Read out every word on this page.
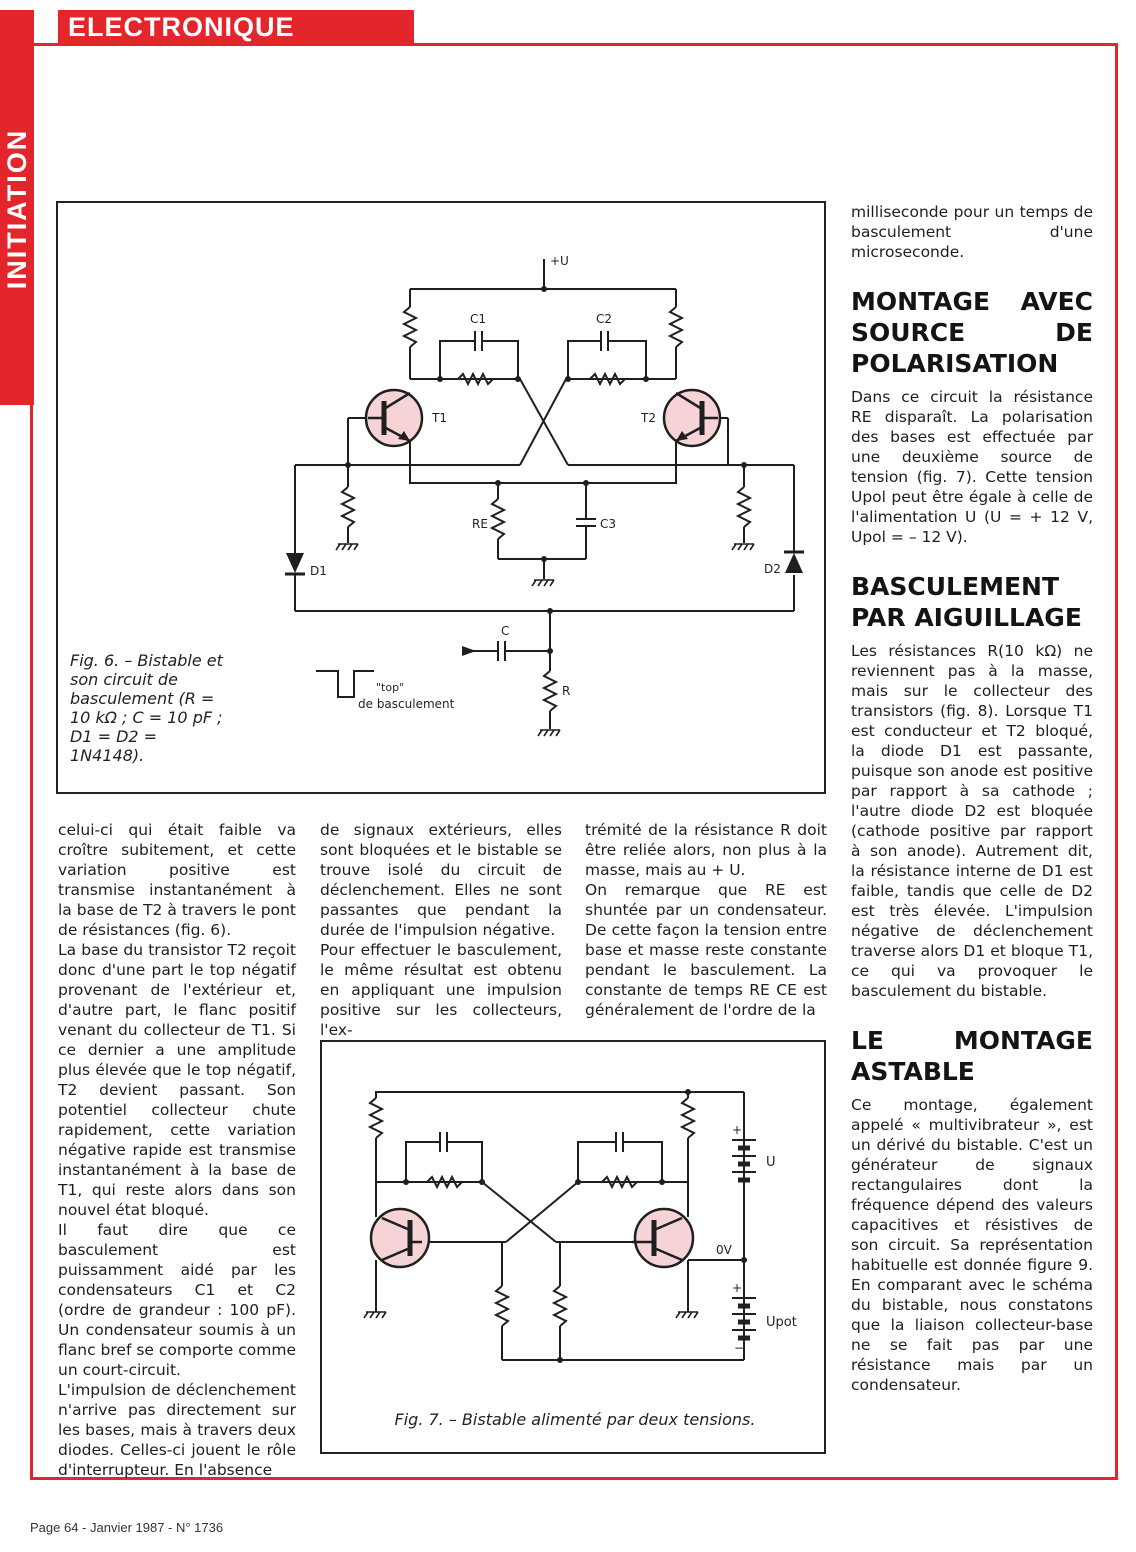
INITIATION
ELECTRONIQUE
+U
C1	C2
T1	T2
RE	C3
D1	D2
C
R
"top"
de basculement
Fig. 6. – Bistable et son circuit de basculement (R = 10 kΩ ; C = 10 pF ; D1 = D2 = 1N4148).
+
U
0V
+
Upot
−
Fig. 7. – Bistable alimenté par deux tensions.

celui-ci qui était faible va croître subitement, et cette variation positive est transmise instantanément à la base de T2 à travers le pont de résistances (fig. 6).

La base du transistor T2 reçoit donc d'une part le top négatif provenant de l'extérieur et, d'autre part, le flanc positif venant du collecteur de T1. Si ce dernier a une amplitude plus élevée que le top négatif, T2 devient passant. Son potentiel collecteur chute rapidement, cette variation négative rapide est transmise instantanément à la base de T1, qui reste alors dans son nouvel état bloqué.

Il faut dire que ce basculement est puissamment aidé par les condensateurs C1 et C2 (ordre de grandeur : 100 pF). Un condensateur soumis à un flanc bref se comporte comme un court-circuit.

L'impulsion de déclenchement n'arrive pas directement sur les bases, mais à travers deux diodes. Celles-ci jouent le rôle d'interrupteur. En l'absence

de signaux extérieurs, elles sont bloquées et le bistable se trouve isolé du circuit de déclenchement. Elles ne sont passantes que pendant la durée de l'impulsion négative.

Pour effectuer le basculement, le même résultat est obtenu en appliquant une impulsion positive sur les collecteurs, l'ex-

trémité de la résistance R doit être reliée alors, non plus à la masse, mais au + U.

On remarque que RE est shuntée par un condensateur. De cette façon la tension entre base et masse reste constante pendant le basculement. La constante de temps RE CE est généralement de l'ordre de la

milliseconde pour un temps de basculement d'une microseconde.

MONTAGE AVEC SOURCE DE POLARISATION

Dans ce circuit la résistance RE disparaît. La polarisation des bases est effectuée par une deuxième source de tension (fig. 7). Cette tension Upol peut être égale à celle de l'alimentation U (U = + 12 V, Upol = – 12 V).

BASCULEMENT PAR AIGUILLAGE

Les résistances R(10 kΩ) ne reviennent pas à la masse, mais sur le collecteur des transistors (fig. 8). Lorsque T1 est conducteur et T2 bloqué, la diode D1 est passante, puisque son anode est positive par rapport à sa cathode ; l'autre diode D2 est bloquée (cathode positive par rapport à son anode). Autrement dit, la résistance interne de D1 est faible, tandis que celle de D2 est très élevée. L'impulsion négative de déclenchement traverse alors D1 et bloque T1, ce qui va provoquer le basculement du bistable.

LE MONTAGE ASTABLE

Ce montage, également appelé « multivibrateur », est un dérivé du bistable. C'est un générateur de signaux rectangulaires dont la fréquence dépend des valeurs capacitives et résistives de son circuit. Sa représentation habituelle est donnée figure 9. En comparant avec le schéma du bistable, nous constatons que la liaison collecteur-base ne se fait pas par une résistance mais par un condensateur.

Page 64 - Janvier 1987 - N° 1736
